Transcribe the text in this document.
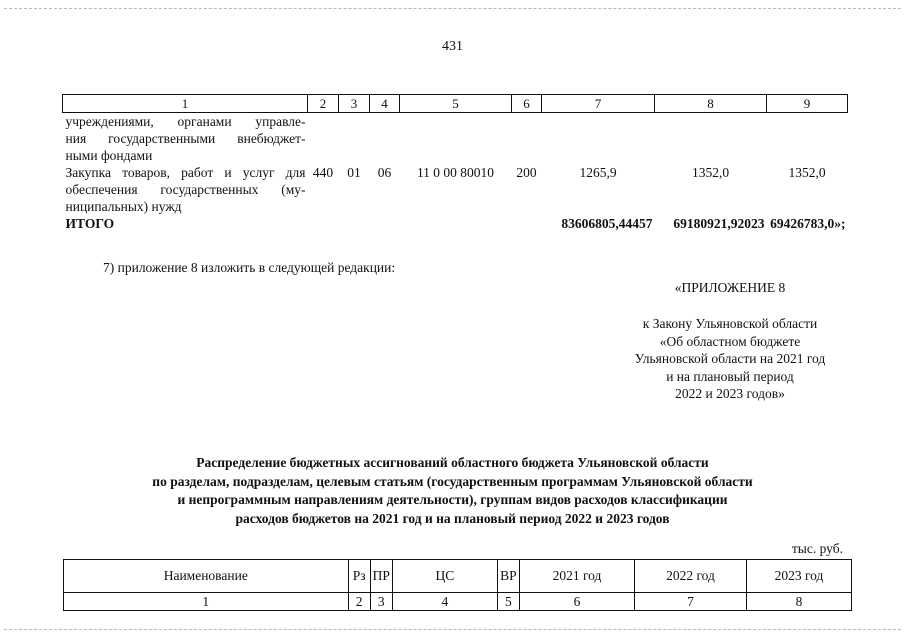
431
1	2	3	4	5	6	7	8	9

учреждениями, органами управле-
ния государственными внебюджет-
ными фондами								

Закупка товаров, работ и услуг для
обеспечения государственных (му-
ниципальных) нужд	440	01	06	11 0 00 80010	200	1265,9	1352,0	1352,0
ИТОГО						83606805,44457	69180921,92023	69426783,0»;
7) приложение 8 изложить в следующей редакции:
«ПРИЛОЖЕНИЕ 8
к Закону Ульяновской области
«Об областном бюджете
Ульяновской области на 2021 год
и на плановый период
2022 и 2023 годов»
Распределение бюджетных ассигнований областного бюджета Ульяновской области
по разделам, подразделам, целевым статьям (государственным программам Ульяновской области
и непрограммным направлениям деятельности), группам видов расходов классификации
расходов бюджетов на 2021 год и на плановый период 2022 и 2023 годов
тыс. руб.
Наименование	Рз	ПР	ЦС	ВР	2021 год	2022 год	2023 год
1	2	3	4	5	6	7	8
